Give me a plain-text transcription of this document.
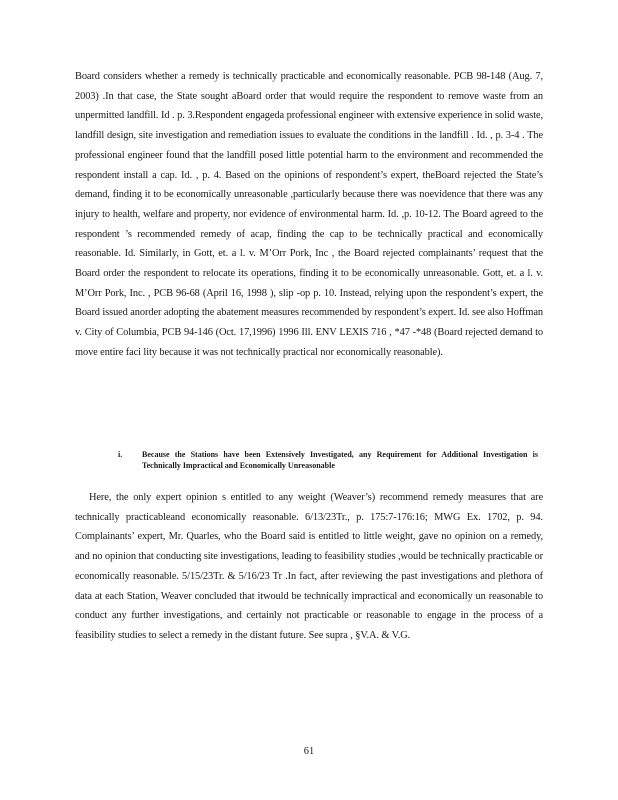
Board considers whether a remedy is technically practicable and economically reasonable. PCB 98-148 (Aug. 7, 2003) .In that case, the State sought aBoard order that would require the respondent to remove waste from an unpermitted landfill. Id . p. 3.Respondent engageda professional engineer with extensive experience in solid waste, landfill design, site investigation and remediation issues to evaluate the conditions in the landfill . Id. , p. 3-4 . The professional engineer found that the landfill posed little potential harm to the environment and recommended the respondent install a cap. Id. , p. 4. Based on the opinions of respondent’s expert, theBoard rejected the State’s demand, finding it to be economically unreasonable ,particularly because there was noevidence that there was any injury to health, welfare and property, nor evidence of environmental harm. Id. ,p. 10-12. The Board agreed to the respondent ’s recommended remedy of acap, finding the cap to be technically practical and economically reasonable. Id. Similarly, in Gott, et. a l. v. M’Orr Pork, Inc , the Board rejected complainants’ request that the Board order the respondent to relocate its operations, finding it to be economically unreasonable. Gott, et. a l. v. M’Orr Pork, Inc. , PCB 96-68 (April 16, 1998 ), slip -op p. 10. Instead, relying upon the respondent’s expert, the Board issued anorder adopting the abatement measures recommended by respondent’s expert. Id. see also Hoffman v. City of Columbia, PCB 94-146 (Oct. 17,1996) 1996 Ill. ENV LEXIS 716 , *47 -*48 (Board rejected demand to move entire faci lity because it was not technically practical nor economically reasonable).

i.	Because the Stations have been Extensively Investigated, any Requirement for Additional Investigation is Technically Impractical and Economically Unreasonable

Here, the only expert opinion s entitled to any weight (Weaver’s) recommend remedy measures that are technically practicableand economically reasonable. 6/13/23Tr., p. 175:7-176:16; MWG Ex. 1702, p. 94. Complainants’ expert, Mr. Quarles, who the Board said is entitled to little weight, gave no opinion on a remedy, and no opinion that conducting site investigations, leading to feasibility studies ,would be technically practicable or economically reasonable. 5/15/23Tr. & 5/16/23 Tr .In fact, after reviewing the past investigations and plethora of data at each Station, Weaver concluded that itwould be technically impractical and economically un reasonable to conduct any further investigations, and certainly not practicable or reasonable to engage in the process of a feasibility studies to select a remedy in the distant future. See supra , §V.A. & V.G.

61
